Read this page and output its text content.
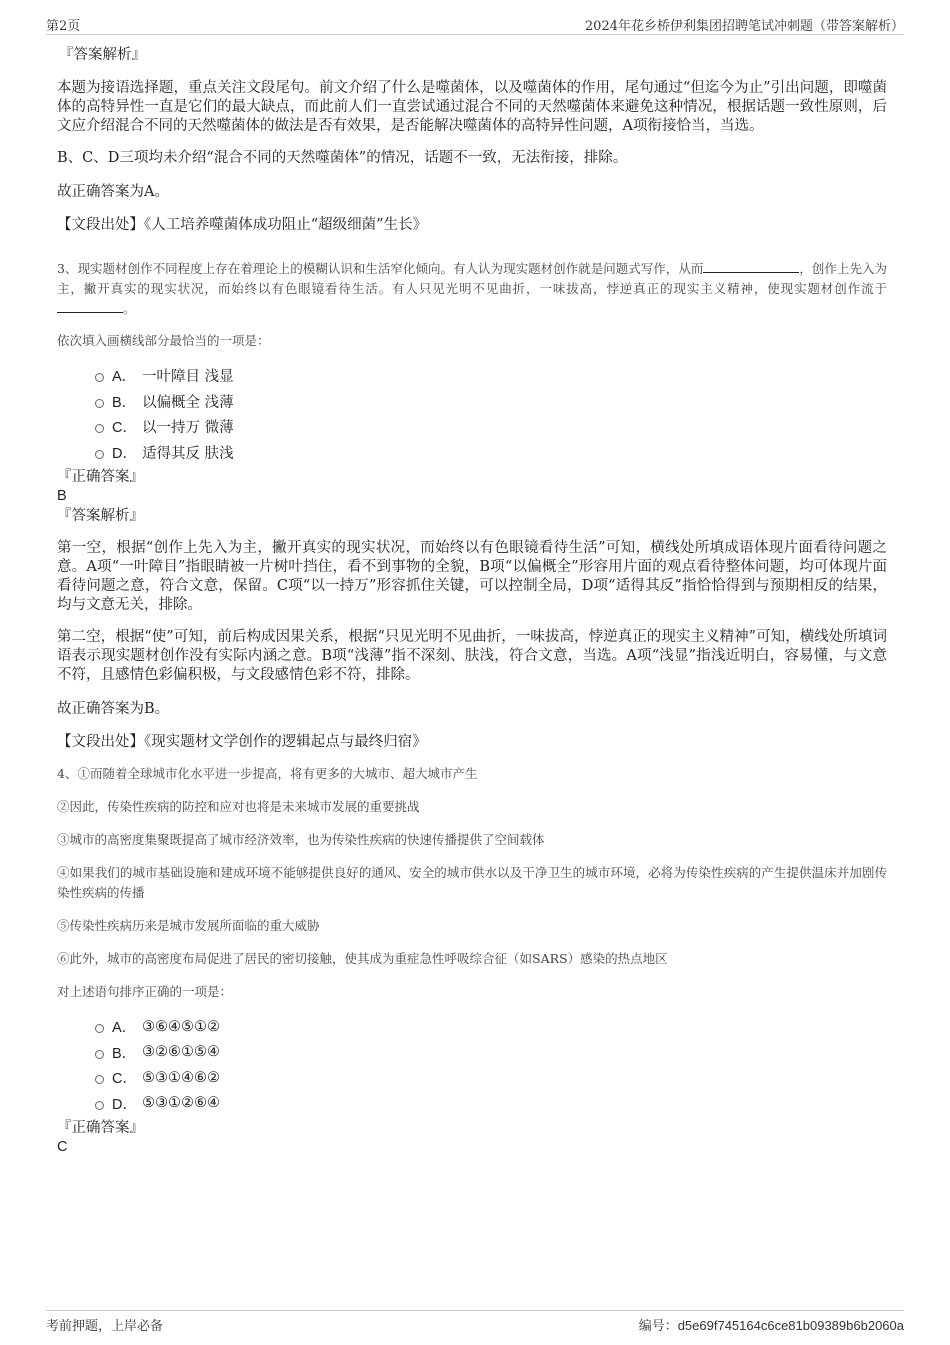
第2页	2024年花乡桥伊利集团招聘笔试冲刺题（带答案解析）

『答案解析』

本题为接语选择题，重点关注文段尾句。前文介绍了什么是噬菌体，以及噬菌体的作用，尾句通过“但迄今为止”引出问题，即噬菌体的高特异性一直是它们的最大缺点，而此前人们一直尝试通过混合不同的天然噬菌体来避免这种情况，根据话题一致性原则，后文应介绍混合不同的天然噬菌体的做法是否有效果，是否能解决噬菌体的高特异性问题，A项衔接恰当，当选。

B、C、D三项均未介绍“混合不同的天然噬菌体”的情况，话题不一致，无法衔接，排除。

故正确答案为A。

【文段出处】《人工培养噬菌体成功阻止“超级细菌”生长》

3、现实题材创作不同程度上存在着理论上的模糊认识和生活窄化倾向。有人认为现实题材创作就是问题式写作，从而	，创作上先入为主，撇开真实的现实状况，而始终以有色眼镜看待生活。有人只见光明不见曲折，一味拔高，悖逆真正的现实主义精神，使现实题材创作流于。

依次填入画横线部分最恰当的一项是：

A． 一叶障目 浅显
B． 以偏概全 浅薄
C． 以一持万 微薄
D． 适得其反 肤浅

『正确答案』

B

『答案解析』

第一空，根据“创作上先入为主，撇开真实的现实状况，而始终以有色眼镜看待生活”可知，横线处所填成语体现片面看待问题之意。A项“一叶障目”指眼睛被一片树叶挡住，看不到事物的全貌，B项“以偏概全”形容用片面的观点看待整体问题，均可体现片面看待问题之意，符合文意，保留。C项“以一持万”形容抓住关键，可以控制全局，D项“适得其反”指恰恰得到与预期相反的结果，均与文意无关，排除。

第二空，根据“使”可知，前后构成因果关系，根据“只见光明不见曲折，一味拔高，悖逆真正的现实主义精神”可知，横线处所填词语表示现实题材创作没有实际内涵之意。B项“浅薄”指不深刻、肤浅，符合文意，当选。A项“浅显”指浅近明白，容易懂，与文意不符，且感情色彩偏积极，与文段感情色彩不符，排除。

故正确答案为B。

【文段出处】《现实题材文学创作的逻辑起点与最终归宿》

4、①而随着全球城市化水平进一步提高，将有更多的大城市、超大城市产生

②因此，传染性疾病的防控和应对也将是未来城市发展的重要挑战

③城市的高密度集聚既提高了城市经济效率，也为传染性疾病的快速传播提供了空间载体

④如果我们的城市基础设施和建成环境不能够提供良好的通风、安全的城市供水以及干净卫生的城市环境，必将为传染性疾病的产生提供温床并加剧传染性疾病的传播

⑤传染性疾病历来是城市发展所面临的重大威胁

⑥此外，城市的高密度布局促进了居民的密切接触，使其成为重症急性呼吸综合征（如SARS）感染的热点地区

对上述语句排序正确的一项是：

A． ③⑥④⑤①②
B． ③②⑥①⑤④
C． ⑤③①④⑥②
D． ⑤③①②⑥④

『正确答案』

C

考前押题，上岸必备	编号：d5e69f745164c6ce81b09389b6b2060a
